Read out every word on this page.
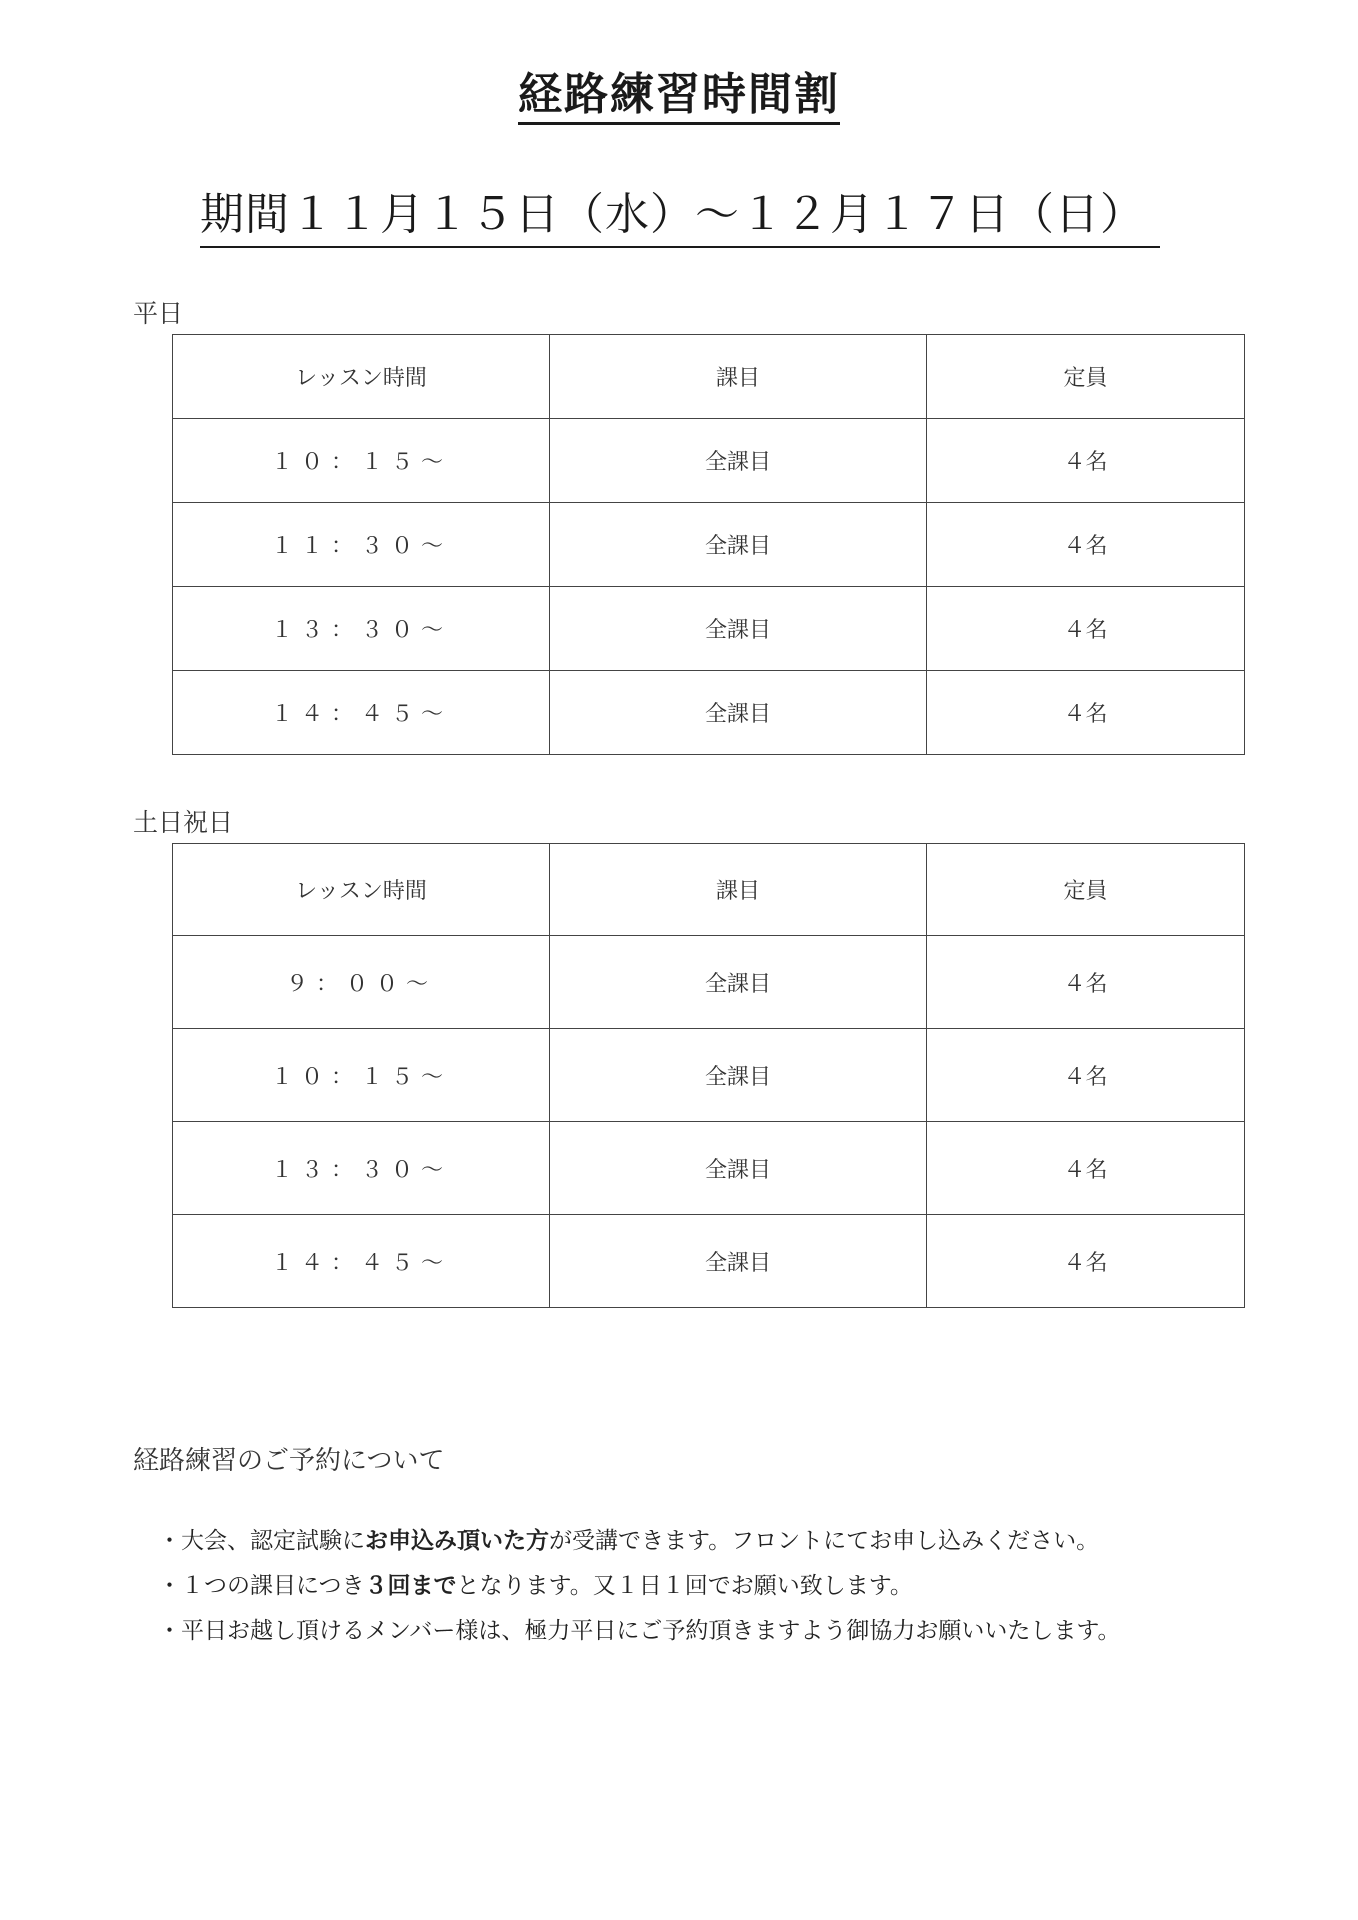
経路練習時間割
期間１１月１５日（水）～１２月１７日（日）
平日
レッスン時間	課目	定員
１０：１５～	全課目	４名
１１：３０～	全課目	４名
１３：３０～	全課目	４名
１４：４５～	全課目	４名
土日祝日
レッスン時間	課目	定員
９：００～	全課目	４名
１０：１５～	全課目	４名
１３：３０～	全課目	４名
１４：４５～	全課目	４名
経路練習のご予約について
・大会、認定試験にお申込み頂いた方が受講できます。フロントにてお申し込みください。
・１つの課目につき３回までとなります。又１日１回でお願い致します。
・平日お越し頂けるメンバー様は、極力平日にご予約頂きますよう御協力お願いいたします。
